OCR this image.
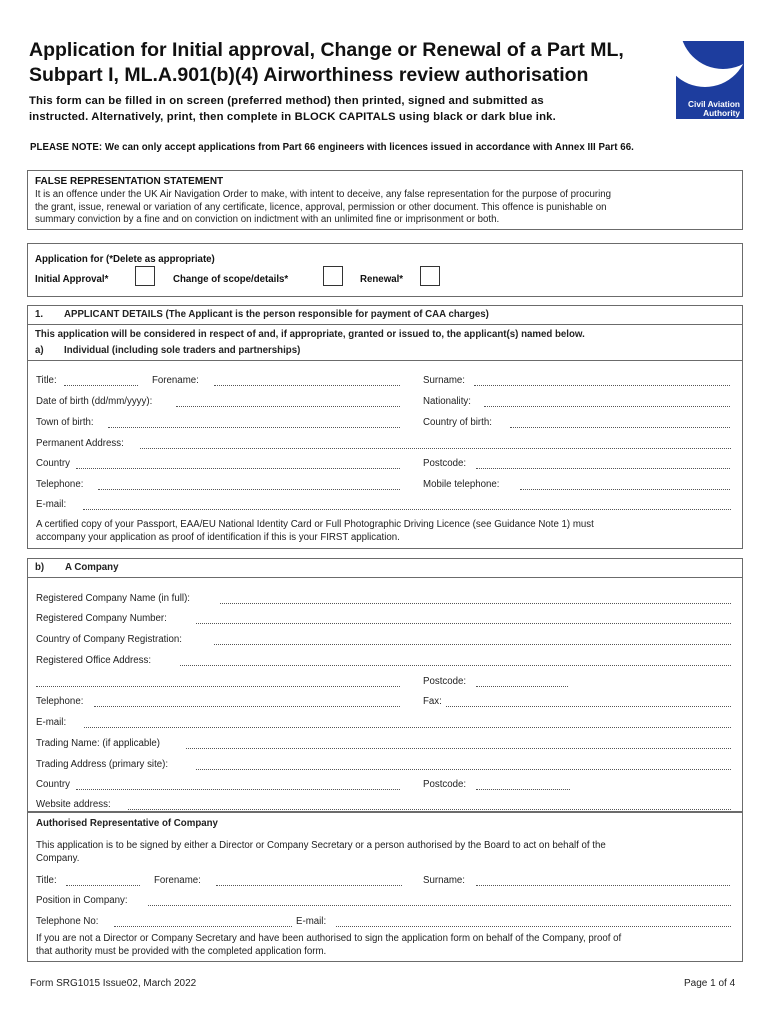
Application for Initial approval, Change or Renewal of a Part ML,
Subpart I, ML.A.901(b)(4) Airworthiness review authorisation
This form can be filled in on screen (preferred method) then printed, signed and submitted as
instructed. Alternatively, print, then complete in BLOCK CAPITALS using black or dark blue ink.
Civil Aviation
Authority
PLEASE NOTE: We can only accept applications from Part 66 engineers with licences issued in accordance with Annex III Part 66.
FALSE REPRESENTATION STATEMENT
It is an offence under the UK Air Navigation Order to make, with intent to deceive, any false representation for the purpose of procuring
the grant, issue, renewal or variation of any certificate, licence, approval, permission or other document. This offence is punishable on
summary conviction by a fine and on conviction on indictment with an unlimited fine or imprisonment or both.
Application for (*Delete as appropriate)
Initial Approval*	Change of scope/details*	Renewal*
1. APPLICANT DETAILS (The Applicant is the person responsible for payment of CAA charges)
This application will be considered in respect of and, if appropriate, granted or issued to, the applicant(s) named below.
a) Individual (including sole traders and partnerships)
Title:	Forename:	Surname:
Date of birth (dd/mm/yyyy):	Nationality:
Town of birth:	Country of birth:
Permanent Address:
Country	Postcode:
Telephone:	Mobile telephone:
E-mail:
A certified copy of your Passport, EAA/EU National Identity Card or Full Photographic Driving Licence (see Guidance Note 1) must
accompany your application as proof of identification if this is your FIRST application.
b) A Company
Registered Company Name (in full):
Registered Company Number:
Country of Company Registration:
Registered Office Address:
Postcode:
Telephone:	Fax:
E-mail:
Trading Name: (if applicable)
Trading Address (primary site):
Country	Postcode:
Website address:
Authorised Representative of Company
This application is to be signed by either a Director or Company Secretary or a person authorised by the Board to act on behalf of the
Company.
Title:	Forename:	Surname:
Position in Company:
Telephone No:	E-mail:
If you are not a Director or Company Secretary and have been authorised to sign the application form on behalf of the Company, proof of
that authority must be provided with the completed application form.
Form SRG1015 Issue02, March 2022	Page 1 of 4
